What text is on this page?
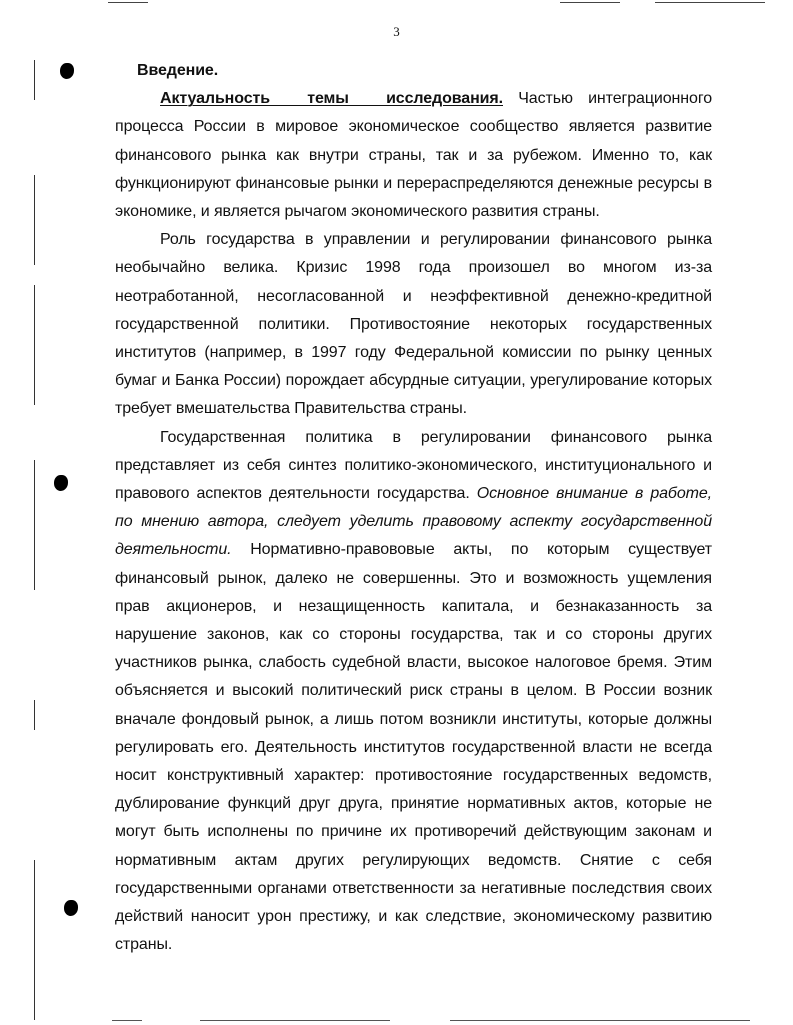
3

Введение.

Актуальность темы исследования. Частью интеграционного процесса России в мировое экономическое сообщество является развитие финансового рынка как внутри страны, так и за рубежом. Именно то, как функционируют финансовые рынки и перераспределяются денежные ресурсы в экономике, и является рычагом экономического развития страны.

Роль государства в управлении и регулировании финансового рынка необычайно велика. Кризис 1998 года произошел во многом из-за неотработанной, несогласованной и неэффективной денежно-кредитной государственной политики. Противостояние некоторых государственных институтов (например, в 1997 году Федеральной комиссии по рынку ценных бумаг и Банка России) порождает абсурдные ситуации, урегулирование которых требует вмешательства Правительства страны.

Государственная политика в регулировании финансового рынка представляет из себя синтез политико-экономического, институционального и правового аспектов деятельности государства. Основное внимание в работе, по мнению автора, следует уделить правовому аспекту государственной деятельности. Нормативно-правововые акты, по которым существует финансовый рынок, далеко не совершенны. Это и возможность ущемления прав акционеров, и незащищенность капитала, и безнаказанность за нарушение законов, как со стороны государства, так и со стороны других участников рынка, слабость судебной власти, высокое налоговое бремя. Этим объясняется и высокий политический риск страны в целом. В России возник вначале фондовый рынок, а лишь потом возникли институты, которые должны регулировать его. Деятельность институтов государственной власти не всегда носит конструктивный характер: противостояние государственных ведомств, дублирование функций друг друга, принятие нормативных актов, которые не могут быть исполнены по причине их противоречий действующим законам и нормативным актам других регулирующих ведомств. Снятие с себя государственными органами ответственности за негативные последствия своих действий наносит урон престижу, и как следствие, экономическому развитию страны.
